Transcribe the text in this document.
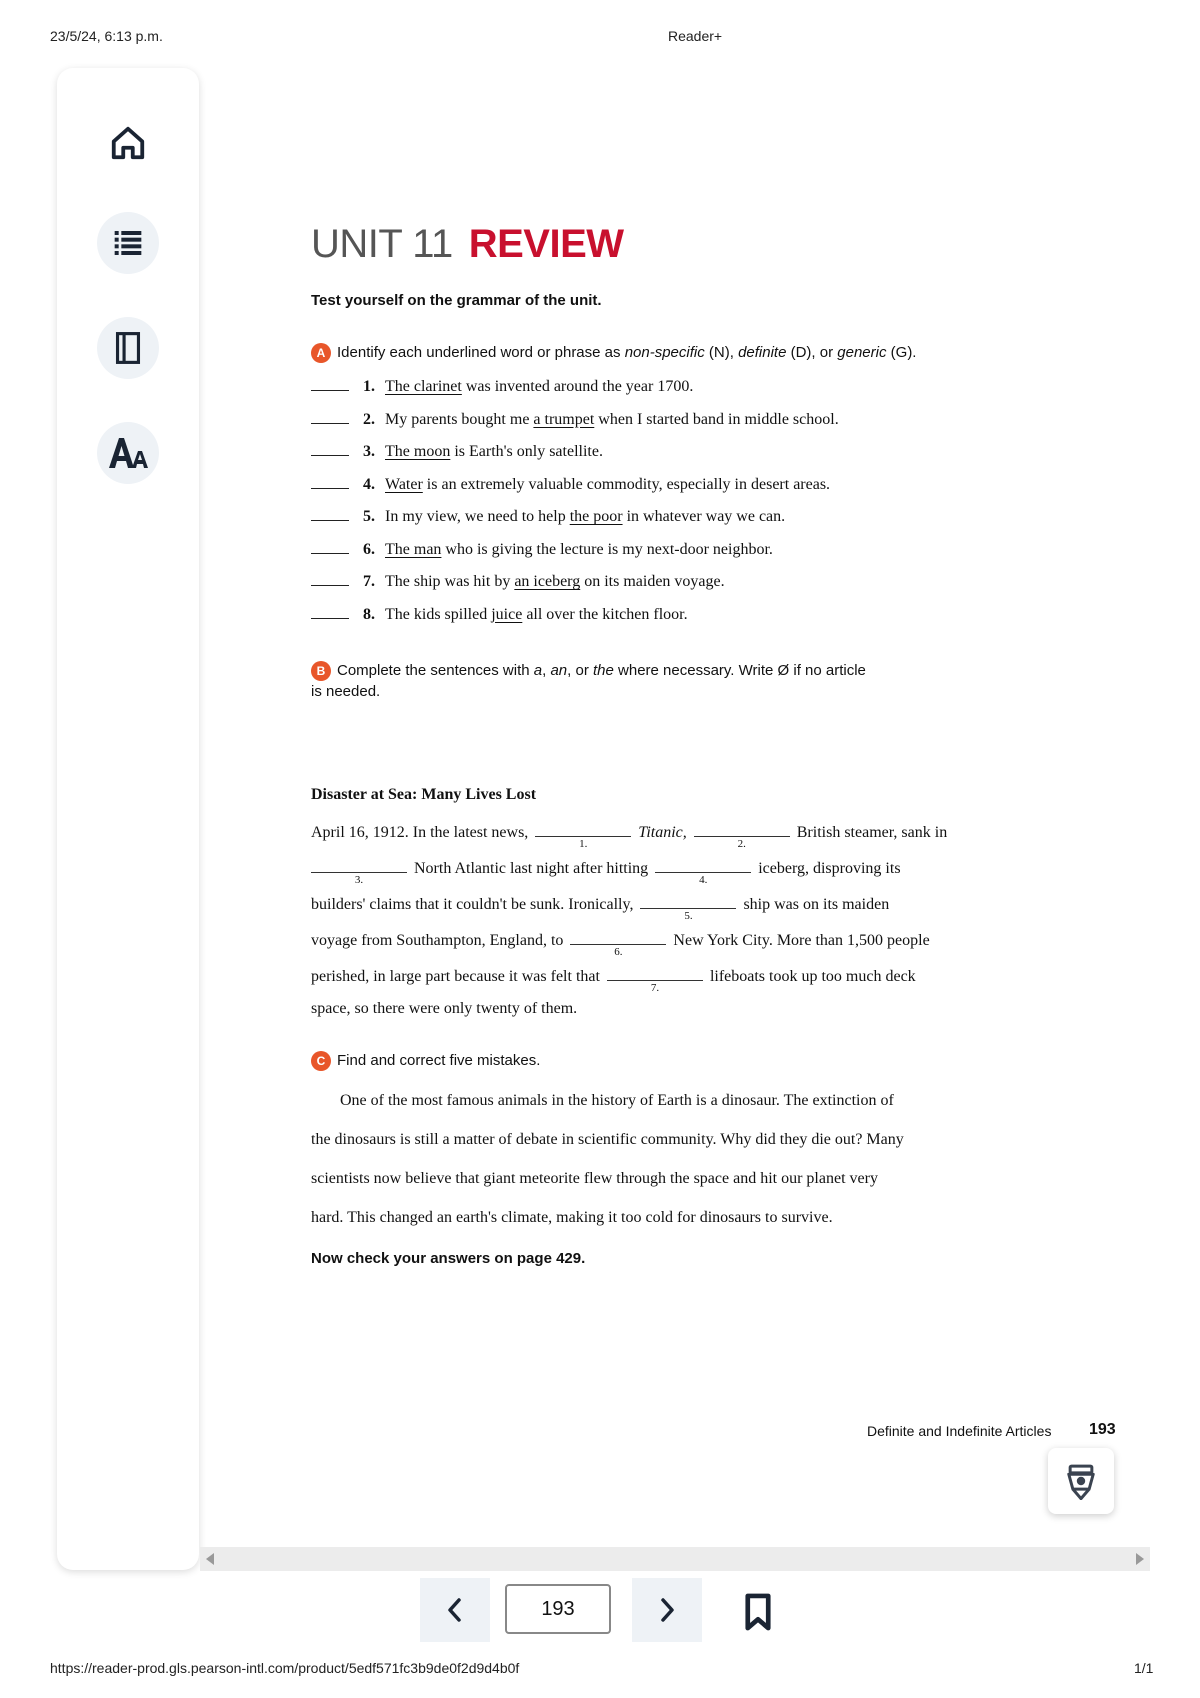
23/5/24, 6:13 p.m.	Reader+
UNIT 11 REVIEW
Test yourself on the grammar of the unit.
A Identify each underlined word or phrase as non-specific (N), definite (D), or generic (G).
1. The clarinet was invented around the year 1700.
2. My parents bought me a trumpet when I started band in middle school.
3. The moon is Earth's only satellite.
4. Water is an extremely valuable commodity, especially in desert areas.
5. In my view, we need to help the poor in whatever way we can.
6. The man who is giving the lecture is my next-door neighbor.
7. The ship was hit by an iceberg on its maiden voyage.
8. The kids spilled juice all over the kitchen floor.
B Complete the sentences with a, an, or the where necessary. Write Ø if no article
is needed.
Disaster at Sea: Many Lives Lost
April 16, 1912. In the latest news,
1.
Titanic,
2.
British steamer, sank in
3.
North Atlantic last night after hitting
4.
iceberg, disproving its
builders' claims that it couldn't be sunk. Ironically,
5.
ship was on its maiden
voyage from Southampton, England, to
6.
New York City. More than 1,500 people
perished, in large part because it was felt that
7.
lifeboats took up too much deck
space, so there were only twenty of them.
C Find and correct five mistakes.
One of the most famous animals in the history of Earth is a dinosaur. The extinction of
the dinosaurs is still a matter of debate in scientific community. Why did they die out? Many
scientists now believe that giant meteorite flew through the space and hit our planet very
hard. This changed an earth's climate, making it too cold for dinosaurs to survive.
Now check your answers on page 429.
Definite and Indefinite Articles 193
193
https://reader-prod.gls.pearson-intl.com/product/5edf571fc3b9de0f2d9d4b0f	1/1
